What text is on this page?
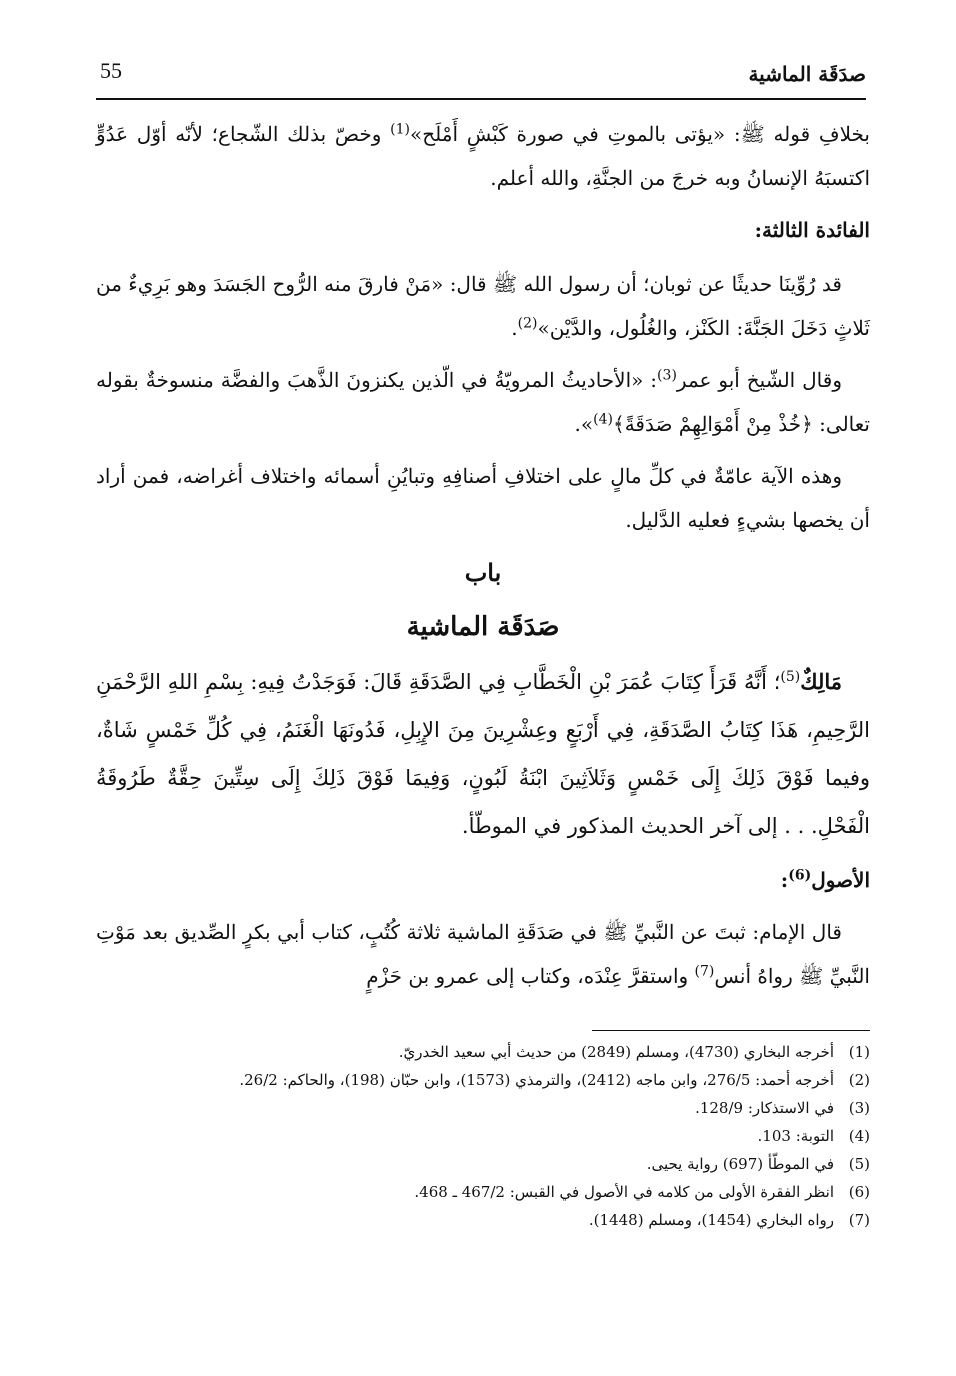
55	صدَقَة الماشية

بخلافِ قوله ﷺ: «يؤتى بالموتِ في صورة كَبْشٍ أَمْلَح»$^{(1)}$ وخصّ بذلك الشّجاع؛ لأنّه أوّل عَدُوٍّ اكتسبَهُ الإنسانُ وبه خرجَ من الجنَّةِ، والله أعلم.

الفائدة الثالثة:

قد رُوِّينَا حديثًا عن ثوبان؛ أن رسول الله ﷺ قال: «مَنْ فارقَ منه الرُّوح الجَسَدَ وهو بَرِيءٌ من ثَلاثٍ دَخَلَ الجَنَّةَ: الكَنْز، والغُلُول، والدَّيْن»$^{(2)}$.

وقال الشّيخ أبو عمر$^{(3)}$: «الأحاديثُ المرويّةُ في الّذين يكنزونَ الذَّهبَ والفضَّة منسوخةٌ بقوله تعالى: ﴿خُذْ مِنْ أَمْوَالِهِمْ صَدَقَةً﴾$^{(4)}$».

وهذه الآية عامّةٌ في كلِّ مالٍ على اختلافِ أصنافِهِ وتبايُنِ أسمائه واختلاف أغراضه، فمن أراد أن يخصها بشيءٍ فعليه الدَّليل.

باب

صَدَقَة الماشية

مَالِكٌ$^{(5)}$؛ أَنَّهُ قَرَأَ كِتَابَ عُمَرَ بْنِ الْخَطَّابِ فِي الصَّدَقَةِ قَالَ: فَوَجَدْتُ فِيهِ: بِسْمِ اللهِ الرَّحْمَنِ الرَّحِيمِ، هَذَا كِتَابُ الصَّدَقَةِ، فِي أَرْبَعٍ وعِشْرِينَ مِنَ الإِبِلِ، فَدُونَهَا الْغَنَمُ، فِي كُلِّ خَمْسٍ شَاةٌ، وفيما فَوْقَ ذَلِكَ إِلَى خَمْسٍ وَثَلاَثِينَ ابْنَةُ لَبُونٍ، وَفِيمَا فَوْقَ ذَلِكَ إِلَى سِتِّينَ حِقَّةٌ طَرُوقَةُ الْفَحْلِ. . . إلى آخر الحديث المذكور في الموطّأ.

الأصول$^{(6)}$:

قال الإمام: ثبتَ عن النَّبيِّ ﷺ في صَدَقَةِ الماشية ثلاثة كُتُبٍ، كتاب أبي بكرٍ الصِّديق بعد مَوْتِ النَّبيِّ ﷺ رواهُ أنس$^{(7)}$ واستقرَّ عِنْدَه، وكتاب إلى عمرو بن حَزْمٍ

(1)
أخرجه البخاري (4730)، ومسلم (2849) من حديث أبي سعيد الخدريّ.
(2)
أخرجه أحمد: 276/5، وابن ماجه (2412)، والترمذي (1573)، وابن حبّان (198)، والحاكم: 26/2.
(3)
في الاستذكار: 128/9.
(4)
التوبة: 103.
(5)
في الموطّأ (697) رواية يحيى.
(6)
انظر الفقرة الأولى من كلامه في الأصول في القبس: 467/2 ـ 468.
(7)
رواه البخاري (1454)، ومسلم (1448).
